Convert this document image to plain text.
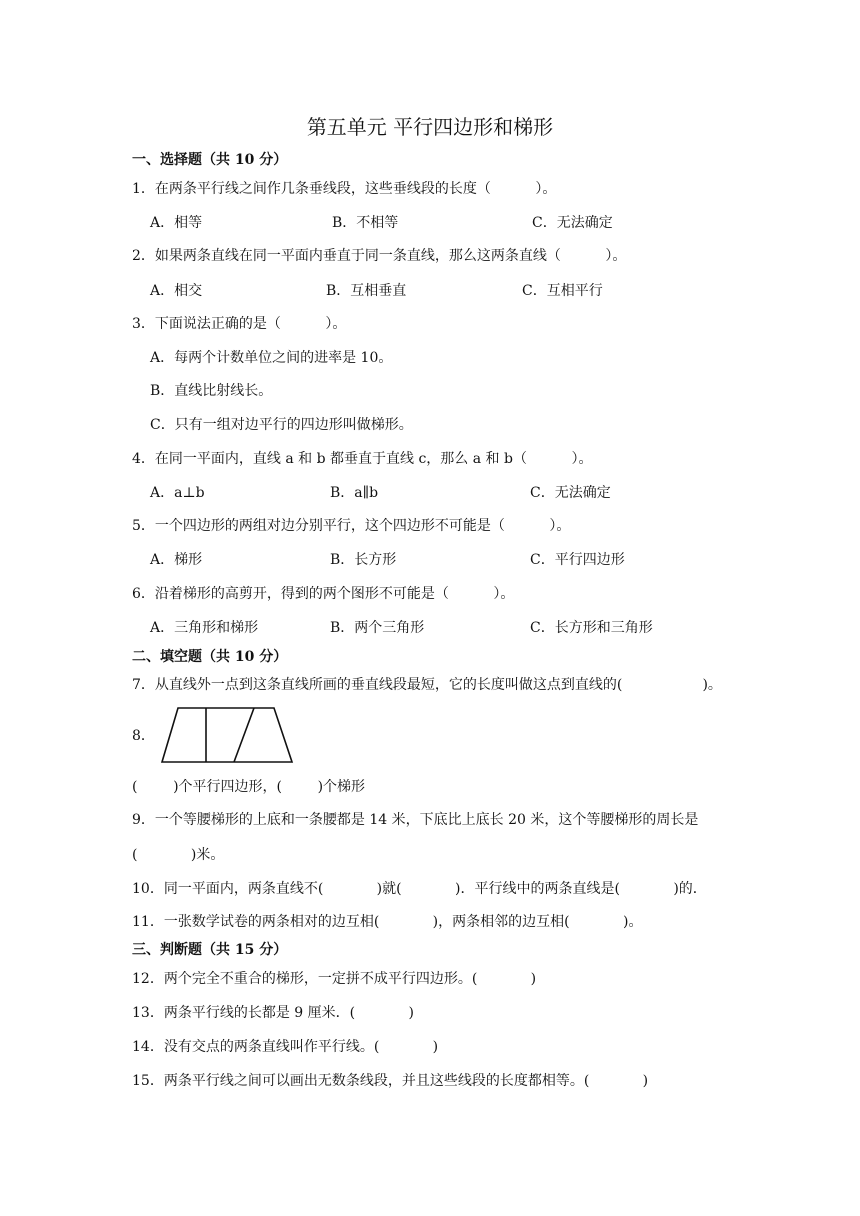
第五单元 平行四边形和梯形
一、选择题（共 10 分）
1．在两条平行线之间作几条垂线段，这些垂线段的长度（          ）。
A．相等	B．不相等	C．无法确定
2．如果两条直线在同一平面内垂直于同一条直线，那么这两条直线（          ）。
A．相交	B．互相垂直	C．互相平行
3．下面说法正确的是（          ）。
A．每两个计数单位之间的进率是 10。
B．直线比射线长。
C．只有一组对边平行的四边形叫做梯形。
4．在同一平面内，直线 a 和 b 都垂直于直线 c，那么 a 和 b（          ）。
A．a⊥b	B．a∥b	C．无法确定
5．一个四边形的两组对边分别平行，这个四边形不可能是（          ）。
A．梯形	B．长方形	C．平行四边形
6．沿着梯形的高剪开，得到的两个图形不可能是（          ）。
A．三角形和梯形	B．两个三角形	C．长方形和三角形
二、填空题（共 10 分）
7．从直线外一点到这条直线所画的垂直线段最短，它的长度叫做这点到直线的(                  )。
8．
(        )个平行四边形，(        )个梯形
9．一个等腰梯形的上底和一条腰都是 14 米，下底比上底长 20 米，这个等腰梯形的周长是
(            )米。
10．同一平面内，两条直线不(            )就(            )．平行线中的两条直线是(            )的．
11．一张数学试卷的两条相对的边互相(            )，两条相邻的边互相(            )。
三、判断题（共 15 分）
12．两个完全不重合的梯形，一定拼不成平行四边形。(            )
13．两条平行线的长都是 9 厘米．(            )
14．没有交点的两条直线叫作平行线。(            )
15．两条平行线之间可以画出无数条线段，并且这些线段的长度都相等。(            )
